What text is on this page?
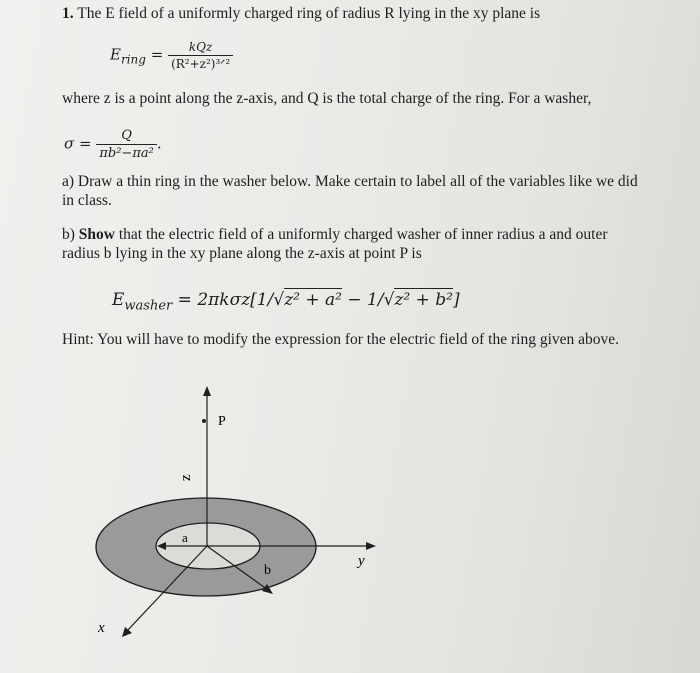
1. The E field of a uniformly charged ring of radius R lying in the xy plane is
$E_{ring} = \frac{\text{kQz}}{\text{(R²+z²)³ᐟ²}}$
where z is a point along the z-axis, and Q is the total charge of the ring. For a washer,
$\sigma = \frac{Q}{\text{πb²−πa²}}$ .
a) Draw a thin ring in the washer below. Make certain to label all of the variables like we did
in class.
b) Show that the electric field of a uniformly charged washer of inner radius a and outer
radius b lying in the xy plane along the z-axis at point P is
$E_{washer} = 2\pi k\sigma z[1/√z^2 + a^2 - 1/√z^2 + b^2]$
Hint: You will have to modify the expression for the electric field of the ring given above.
P
z
a
b
y
x
